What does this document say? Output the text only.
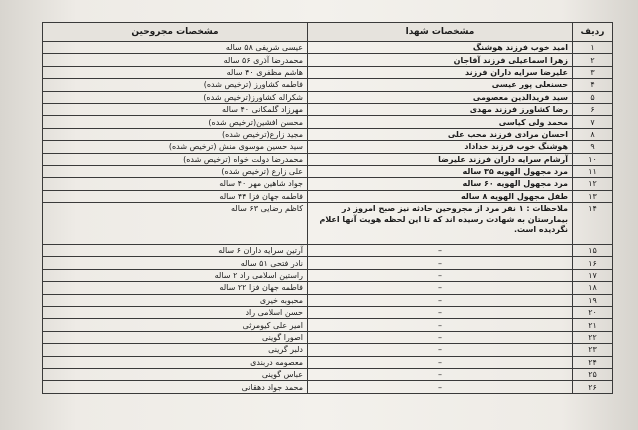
ردیف	مشخصات شهدا	مشخصات مجروحین
۱	امید خوب فرزند هوشنگ	عیسی شریفی ۵۸ ساله
۲	زهرا اسماعیلی فرزند آقاجان	محمدرضا آذری ۵۶ ساله
۳	علیرضا سرایه داران فرزند	هاشم مظفری ۴۰ ساله
۴	حسنعلی پور عیسی	فاطمه کشاورز (ترخیص شده)
۵	سید فریدالدین معصومی	شکراله کشاورز(ترخیص شده)
۶	رضا کشاورز فرزند مهدی	مهرزاد گلمکانی ۴۰ ساله
۷	محمد ولی کیاسی	محسن افشین(ترخیص شده)
۸	احسان مرادی فرزند محب علی	مجید زارع(ترخیص شده)
۹	هوشنگ خوب فرزند خداداد	سید حسین موسوی منش (ترخیص شده)
۱۰	آرشام سرایه داران فرزند علیرضا	محمدرضا دولت خواه (ترخیص شده)
۱۱	مرد مجهول الهویه ۳۵ ساله	علی زارع (ترخیص شده)
۱۲	مرد مجهول الهویه ۶۰ ساله	جواد شاهین مهر ۴۰ ساله
۱۳	طفل مجهول الهویه ۸ ساله	فاطمه جهان فزا ۴۴ ساله
۱۴	ملاحظات : ۱ نفر مرد از مجروحین حادثه نیز صبح امروز در بیمارستان به شهادت رسیده اند که تا این لحظه هویت آنها اعلام نگردیده است.	کاظم رضایی ۶۳ ساله
۱۵	–	آرتین سرایه داران ۶ ساله
۱۶	–	نادر فتحی ۵۱ ساله
۱۷	–	راستین اسلامی راد ۲ ساله
۱۸	–	فاطمه جهان فزا ۲۲ ساله
۱۹	–	محبوبه خیری
۲۰	–	حسن اسلامی راد
۲۱	–	امیر علی کیومرثی
۲۲	–	اصورا گوینی
۲۳	–	دلبر گرینی
۲۴	–	معصومه دربندی
۲۵	–	عباس گوینی
۲۶	–	محمد جواد دهقانی
